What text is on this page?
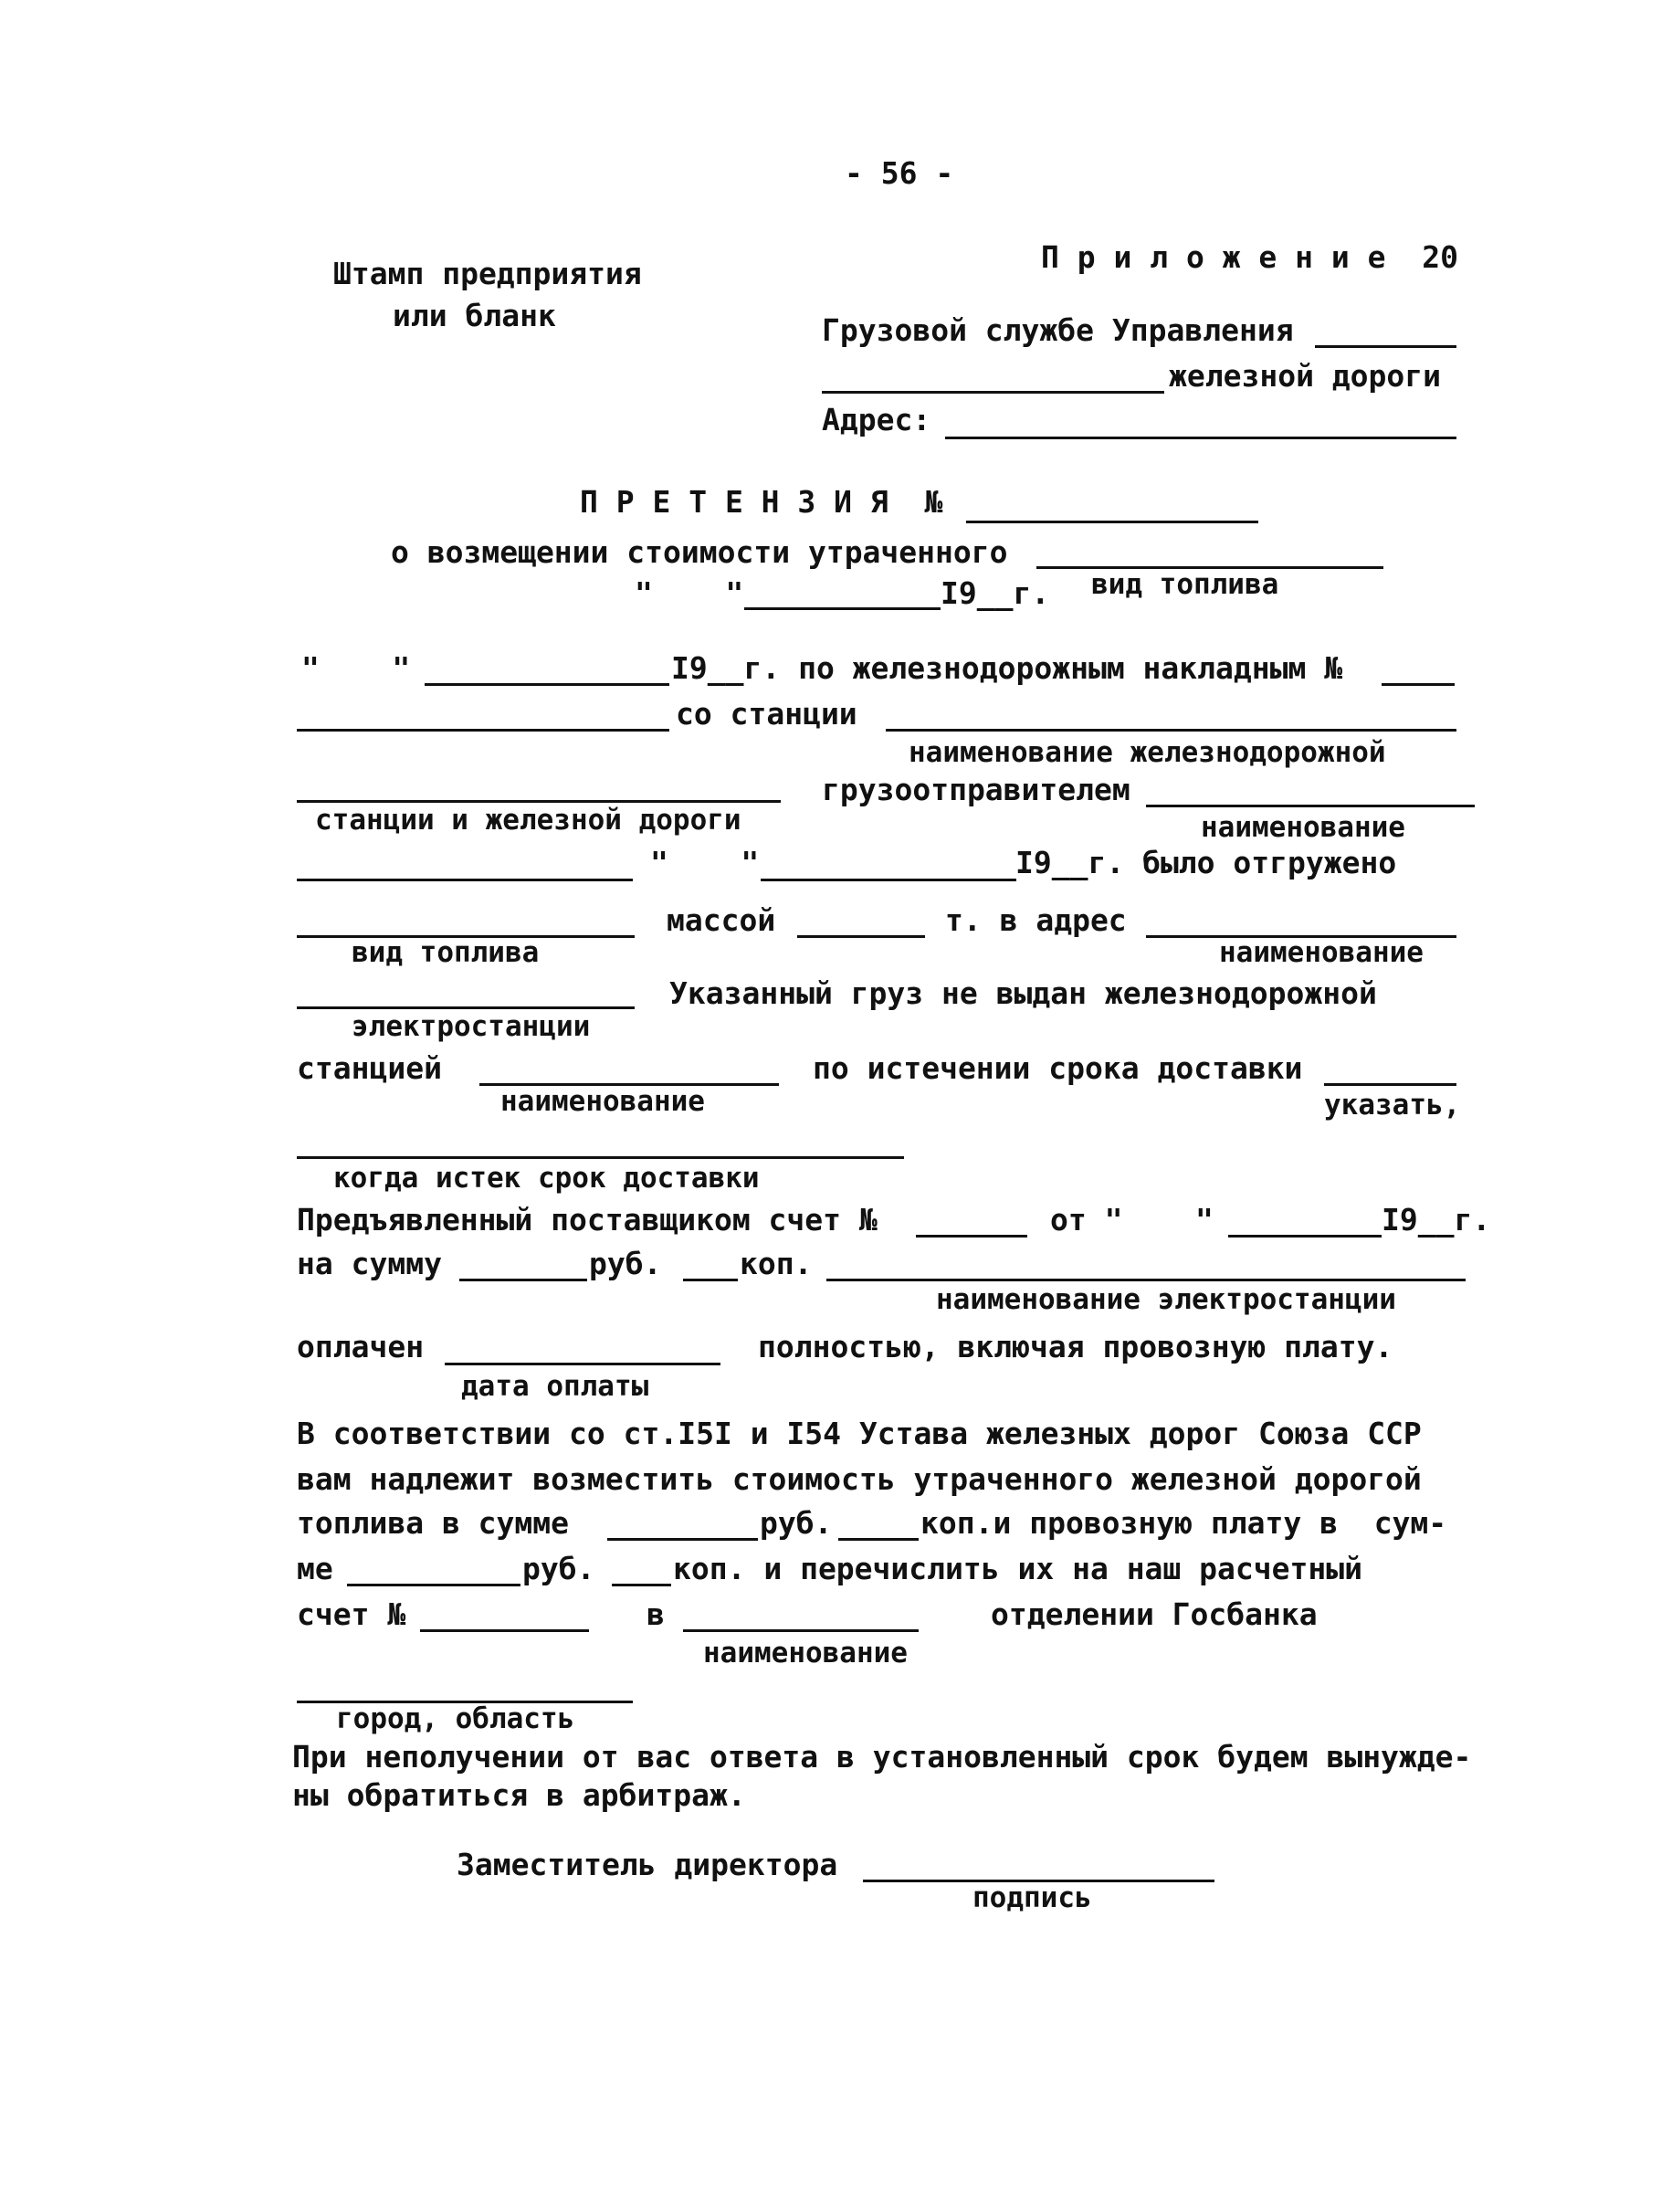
- 56 -
Штамп предприятия
или бланк
П р и л о ж е н и е  20
Грузовой службе Управления
железной дороги
Адрес:
П Р Е Т Е Н З И Я  №
о возмещении стоимости утраченного
вид топлива
"    "	I9__г.
"    "	I9__г. по железнодорожным накладным №
со станции
наименование железнодорожной
грузоотправителем
станции и железной дороги	наименование
"    "	I9__г. было отгружено
массой	т. в адрес
вид топлива	наименование
Указанный груз не выдан железнодорожной
электростанции
станцией	по истечении срока доставки
наименование	указать,
когда истек срок доставки
Предъявленный поставщиком счет №	от "    "	I9__г.
на сумму	руб.	коп.
наименование электростанции
оплачен	полностью, включая провозную плату.
дата оплаты
В соответствии со ст.I5I и I54 Устава железных дорог Союза ССР
вам надлежит возместить стоимость утраченного железной дорогой
топлива в сумме	руб.	коп.и провозную плату в  сум-
ме	руб.	коп. и перечислить их на наш расчетный
счет №	в	отделении Госбанка
наименование
город, область
При неполучении от вас ответа в установленный срок будем вынужде-
ны обратиться в арбитраж.
Заместитель директора
подпись
